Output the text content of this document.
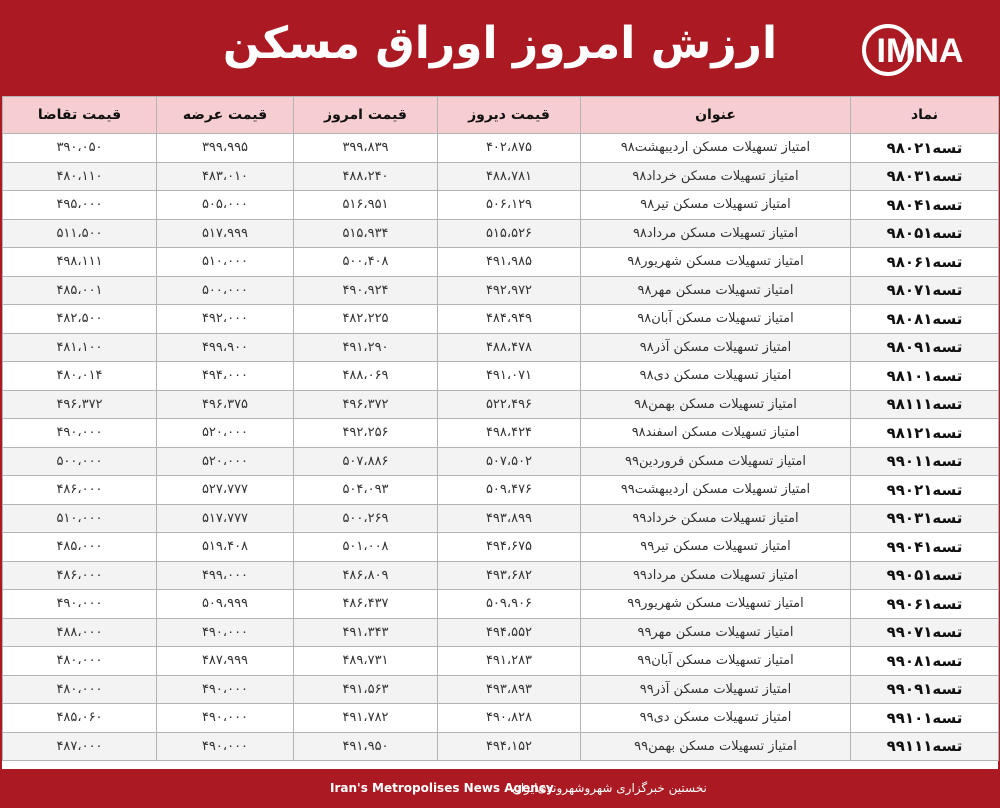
ارزش امروز اوراق مسکن	IMNA
نماد	عنوان	قیمت دیروز	قیمت امروز	قیمت عرضه	قیمت تقاضا
تسه۹۸۰۲۱	امتیاز تسهیلات مسکن اردیبهشت۹۸	۴۰۲،۸۷۵	۳۹۹،۸۳۹	۳۹۹،۹۹۵	۳۹۰،۰۵۰
تسه۹۸۰۳۱	امتیاز تسهیلات مسکن خرداد۹۸	۴۸۸،۷۸۱	۴۸۸،۲۴۰	۴۸۳،۰۱۰	۴۸۰،۱۱۰
تسه۹۸۰۴۱	امتیاز تسهیلات مسکن تیر۹۸	۵۰۶،۱۲۹	۵۱۶،۹۵۱	۵۰۵،۰۰۰	۴۹۵،۰۰۰
تسه۹۸۰۵۱	امتیاز تسهیلات مسکن مرداد۹۸	۵۱۵،۵۲۶	۵۱۵،۹۳۴	۵۱۷،۹۹۹	۵۱۱،۵۰۰
تسه۹۸۰۶۱	امتیاز تسهیلات مسکن شهریور۹۸	۴۹۱،۹۸۵	۵۰۰،۴۰۸	۵۱۰،۰۰۰	۴۹۸،۱۱۱
تسه۹۸۰۷۱	امتیاز تسهیلات مسکن مهر۹۸	۴۹۲،۹۷۲	۴۹۰،۹۲۴	۵۰۰،۰۰۰	۴۸۵،۰۰۱
تسه۹۸۰۸۱	امتیاز تسهیلات مسکن آبان۹۸	۴۸۴،۹۴۹	۴۸۲،۲۲۵	۴۹۲،۰۰۰	۴۸۲،۵۰۰
تسه۹۸۰۹۱	امتیاز تسهیلات مسکن آذر۹۸	۴۸۸،۴۷۸	۴۹۱،۲۹۰	۴۹۹،۹۰۰	۴۸۱،۱۰۰
تسه۹۸۱۰۱	امتیاز تسهیلات مسکن دی۹۸	۴۹۱،۰۷۱	۴۸۸،۰۶۹	۴۹۴،۰۰۰	۴۸۰،۰۱۴
تسه۹۸۱۱۱	امتیاز تسهیلات مسکن بهمن۹۸	۵۲۲،۴۹۶	۴۹۶،۳۷۲	۴۹۶،۳۷۵	۴۹۶،۳۷۲
تسه۹۸۱۲۱	امتیاز تسهیلات مسکن اسفند۹۸	۴۹۸،۴۲۴	۴۹۲،۲۵۶	۵۲۰،۰۰۰	۴۹۰،۰۰۰
تسه۹۹۰۱۱	امتیاز تسهیلات مسکن فروردین۹۹	۵۰۷،۵۰۲	۵۰۷،۸۸۶	۵۲۰،۰۰۰	۵۰۰،۰۰۰
تسه۹۹۰۲۱	امتیاز تسهیلات مسکن اردیبهشت۹۹	۵۰۹،۴۷۶	۵۰۴،۰۹۳	۵۲۷،۷۷۷	۴۸۶،۰۰۰
تسه۹۹۰۳۱	امتیاز تسهیلات مسکن خرداد۹۹	۴۹۳،۸۹۹	۵۰۰،۲۶۹	۵۱۷،۷۷۷	۵۱۰،۰۰۰
تسه۹۹۰۴۱	امتیاز تسهیلات مسکن تیر۹۹	۴۹۴،۶۷۵	۵۰۱،۰۰۸	۵۱۹،۴۰۸	۴۸۵،۰۰۰
تسه۹۹۰۵۱	امتیاز تسهیلات مسکن مرداد۹۹	۴۹۳،۶۸۲	۴۸۶،۸۰۹	۴۹۹،۰۰۰	۴۸۶،۰۰۰
تسه۹۹۰۶۱	امتیاز تسهیلات مسکن شهریور۹۹	۵۰۹،۹۰۶	۴۸۶،۴۳۷	۵۰۹،۹۹۹	۴۹۰،۰۰۰
تسه۹۹۰۷۱	امتیاز تسهیلات مسکن مهر۹۹	۴۹۴،۵۵۲	۴۹۱،۳۴۳	۴۹۰،۰۰۰	۴۸۸،۰۰۰
تسه۹۹۰۸۱	امتیاز تسهیلات مسکن آبان۹۹	۴۹۱،۲۸۳	۴۸۹،۷۳۱	۴۸۷،۹۹۹	۴۸۰،۰۰۰
تسه۹۹۰۹۱	امتیاز تسهیلات مسکن آذر۹۹	۴۹۳،۸۹۳	۴۹۱،۵۶۳	۴۹۰،۰۰۰	۴۸۰،۰۰۰
تسه۹۹۱۰۱	امتیاز تسهیلات مسکن دی۹۹	۴۹۰،۸۲۸	۴۹۱،۷۸۲	۴۹۰،۰۰۰	۴۸۵،۰۶۰
تسه۹۹۱۱۱	امتیاز تسهیلات مسکن بهمن۹۹	۴۹۴،۱۵۲	۴۹۱،۹۵۰	۴۹۰،۰۰۰	۴۸۷،۰۰۰
Iran's Metropolises News Agency
نخستین خبرگزاری شهروشهروندی‌ایران
